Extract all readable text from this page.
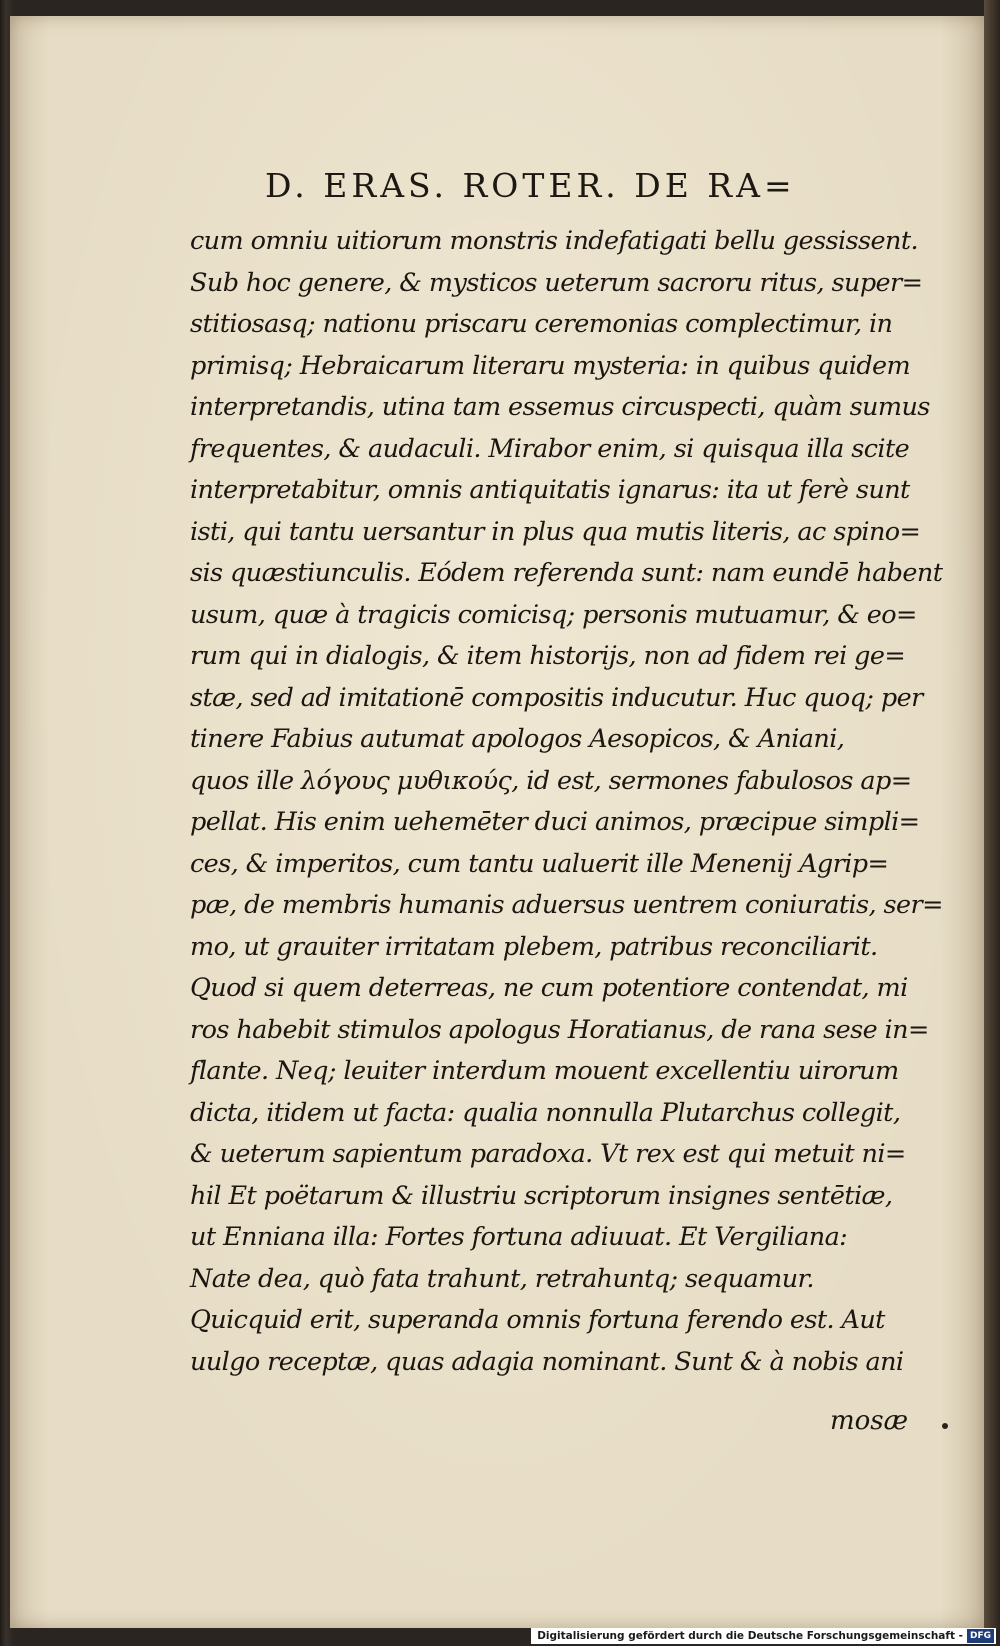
D. ERAS. ROTER. DE RA=
cum omniu uitiorum monstris indefatigati bellu gessissent.
Sub hoc genere, & mysticos ueterum sacroru ritus, super=
stitiosasq; nationu priscaru ceremonias complectimur, in
primisq; Hebraicarum literaru mysteria: in quibus quidem
interpretandis, utina tam essemus circuspecti, quàm sumus
frequentes, & audaculi. Mirabor enim, si quisqua illa scite
interpretabitur, omnis antiquitatis ignarus: ita ut ferè sunt
isti, qui tantu uersantur in plus qua mutis literis, ac spino=
sis quæstiunculis. Eódem referenda sunt: nam eundē habent
usum, quæ à tragicis comicisq; personis mutuamur, & eo=
rum qui in dialogis, & item historijs, non ad fidem rei ge=
stæ, sed ad imitationē compositis inducutur. Huc quoq; per
tinere Fabius autumat apologos Aesopicos, & Aniani,
quos ille λόγους μυθικούς, id est, sermones fabulosos ap=
pellat. His enim uehemēter duci animos, præcipue simpli=
ces, & imperitos, cum tantu ualuerit ille Menenij Agrip=
pæ, de membris humanis aduersus uentrem coniuratis, ser=
mo, ut grauiter irritatam plebem, patribus reconciliarit.
Quod si quem deterreas, ne cum potentiore contendat, mi
ros habebit stimulos apologus Horatianus, de rana sese in=
flante. Neq; leuiter interdum mouent excellentiu uirorum
dicta, itidem ut facta: qualia nonnulla Plutarchus collegit,
& ueterum sapientum paradoxa. Vt rex est qui metuit ni=
hil Et poëtarum & illustriu scriptorum insignes sentētiæ,
ut Enniana illa: Fortes fortuna adiuuat. Et Vergiliana:
Nate dea, quò fata trahunt, retrahuntq; sequamur.
Quicquid erit, superanda omnis fortuna ferendo est. Aut
uulgo receptæ, quas adagia nominant. Sunt & à nobis ani
mosæ
Digitalisierung gefördert durch die Deutsche Forschungsgemeinschaft - DFG
